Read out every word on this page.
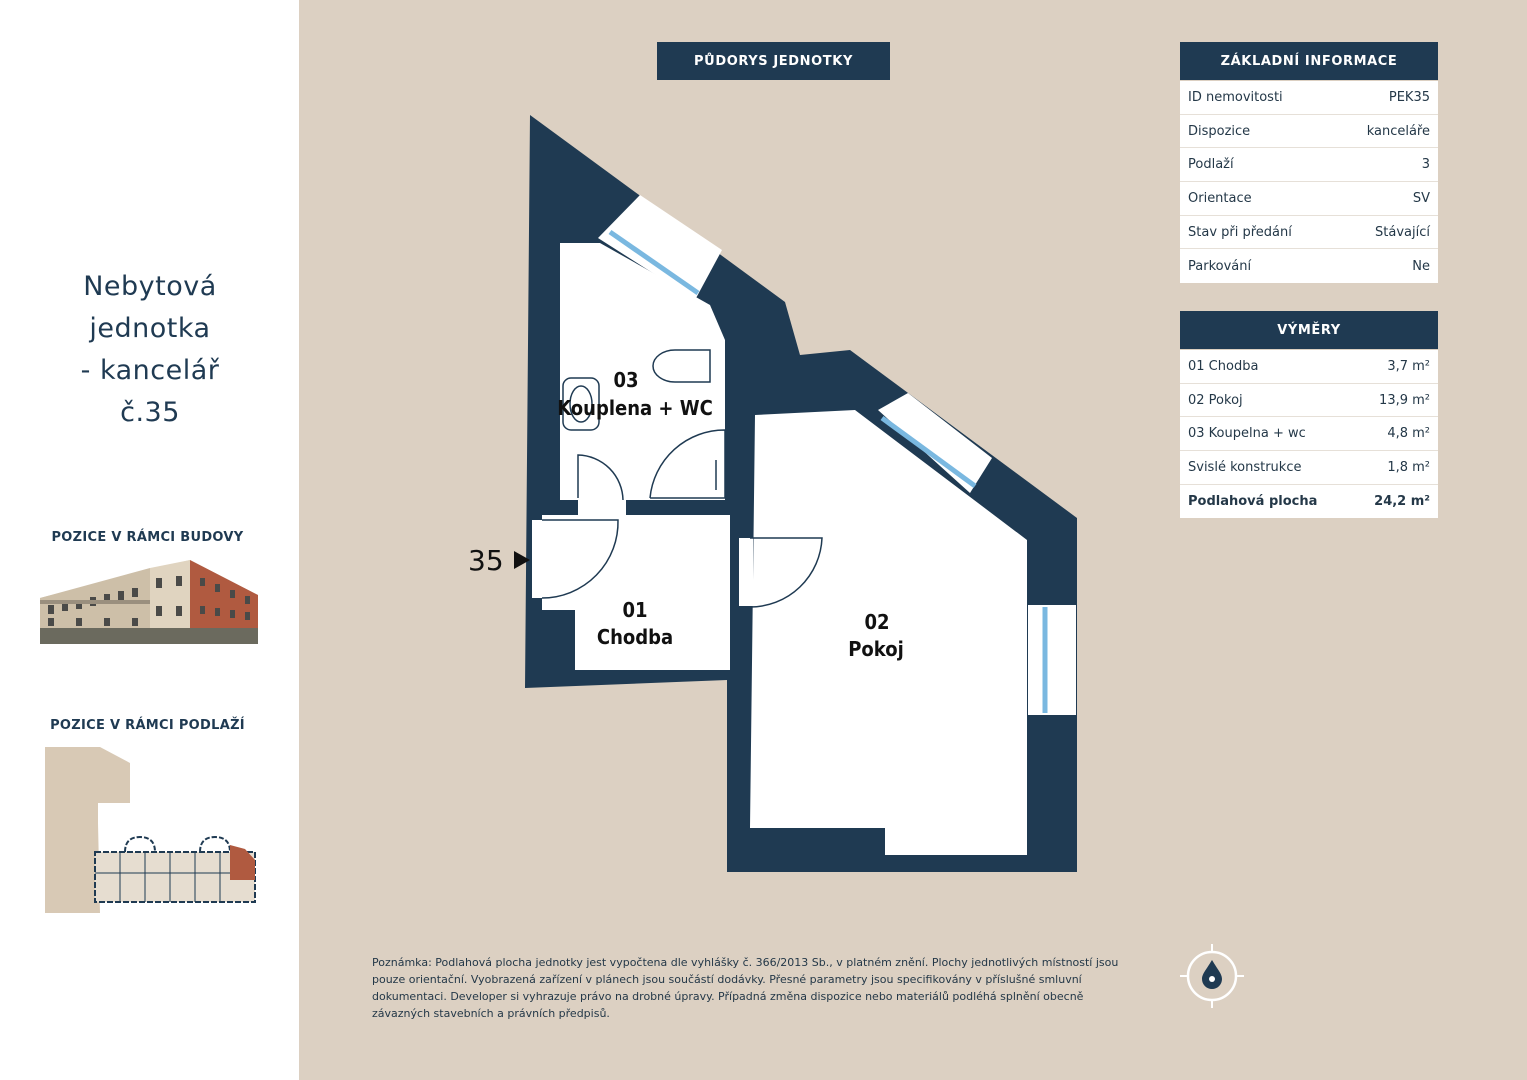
Nebytová
jednotka
- kancelář
č.35
POZICE V RÁMCI BUDOVY
POZICE V RÁMCI PODLAŽÍ
PŮDORYS JEDNOTKY
03
Kouplena + WC
01
Chodba
02
Pokoj
35
ZÁKLADNÍ INFORMACE
ID nemovitosti	PEK35
Dispozice	kanceláře
Podlaží	3
Orientace	SV
Stav při předání	Stávající
Parkování	Ne
VÝMĚRY
01 Chodba	3,7 m²
02 Pokoj	13,9 m²
03 Koupelna + wc	4,8 m²
Svislé konstrukce	1,8 m²
Podlahová plocha	24,2 m²
Poznámka: Podlahová plocha jednotky jest vypočtena dle vyhlášky č. 366/2013 Sb., v platném znění. Plochy jednotlivých místností jsou pouze orientační. Vyobrazená zařízení v plánech jsou součástí dodávky. Přesné parametry jsou specifikovány v příslušné smluvní dokumentaci. Developer si vyhrazuje právo na drobné úpravy. Případná změna dispozice nebo materiálů podléhá splnění obecně závazných stavebních a právních předpisů.
